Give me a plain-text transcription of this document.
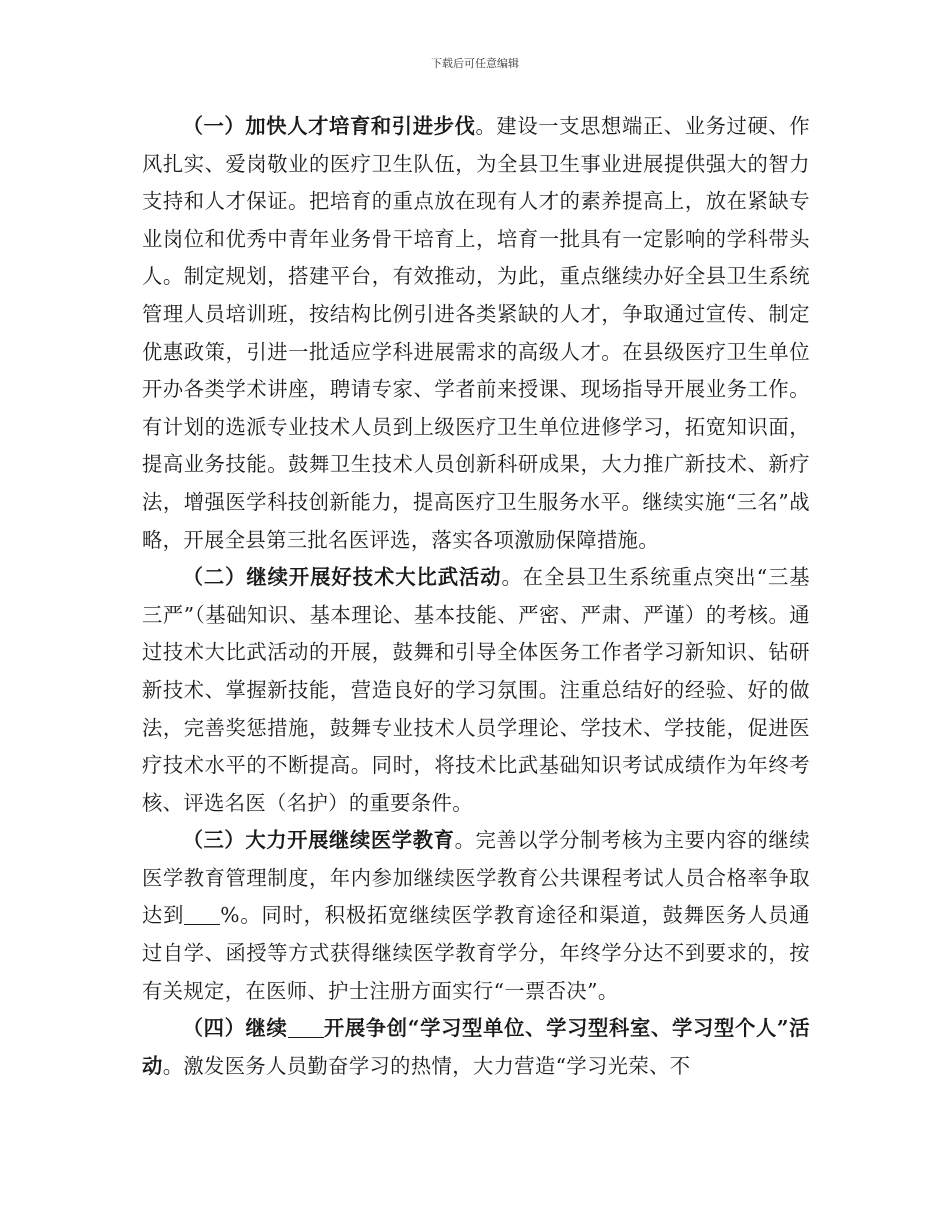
下载后可任意编辑

（一）加快人才培育和引进步伐。建设一支思想端正、业务过硬、作风扎实、爱岗敬业的医疗卫生队伍，为全县卫生事业进展提供强大的智力支持和人才保证。把培育的重点放在现有人才的素养提高上，放在紧缺专业岗位和优秀中青年业务骨干培育上，培育一批具有一定影响的学科带头人。制定规划，搭建平台，有效推动，为此，重点继续办好全县卫生系统管理人员培训班，按结构比例引进各类紧缺的人才，争取通过宣传、制定优惠政策，引进一批适应学科进展需求的高级人才。在县级医疗卫生单位开办各类学术讲座，聘请专家、学者前来授课、现场指导开展业务工作。有计划的选派专业技术人员到上级医疗卫生单位进修学习，拓宽知识面，提高业务技能。鼓舞卫生技术人员创新科研成果，大力推广新技术、新疗法，增强医学科技创新能力，提高医疗卫生服务水平。继续实施“三名”战略，开展全县第三批名医评选，落实各项激励保障措施。

（二）继续开展好技术大比武活动。在全县卫生系统重点突出“三基三严”（基础知识、基本理论、基本技能、严密、严肃、严谨）的考核。通过技术大比武活动的开展，鼓舞和引导全体医务工作者学习新知识、钻研新技术、掌握新技能，营造良好的学习氛围。注重总结好的经验、好的做法，完善奖惩措施，鼓舞专业技术人员学理论、学技术、学技能，促进医疗技术水平的不断提高。同时，将技术比武基础知识考试成绩作为年终考核、评选名医（名护）的重要条件。

（三）大力开展继续医学教育。完善以学分制考核为主要内容的继续医学教育管理制度，年内参加继续医学教育公共课程考试人员合格率争取达到 %。同时，积极拓宽继续医学教育途径和渠道，鼓舞医务人员通过自学、函授等方式获得继续医学教育学分，年终学分达不到要求的，按有关规定，在医师、护士注册方面实行“一票否决”。

（四）继续 开展争创“学习型单位、学习型科室、学习型个人”活动。激发医务人员勤奋学习的热情，大力营造“学习光荣、不
